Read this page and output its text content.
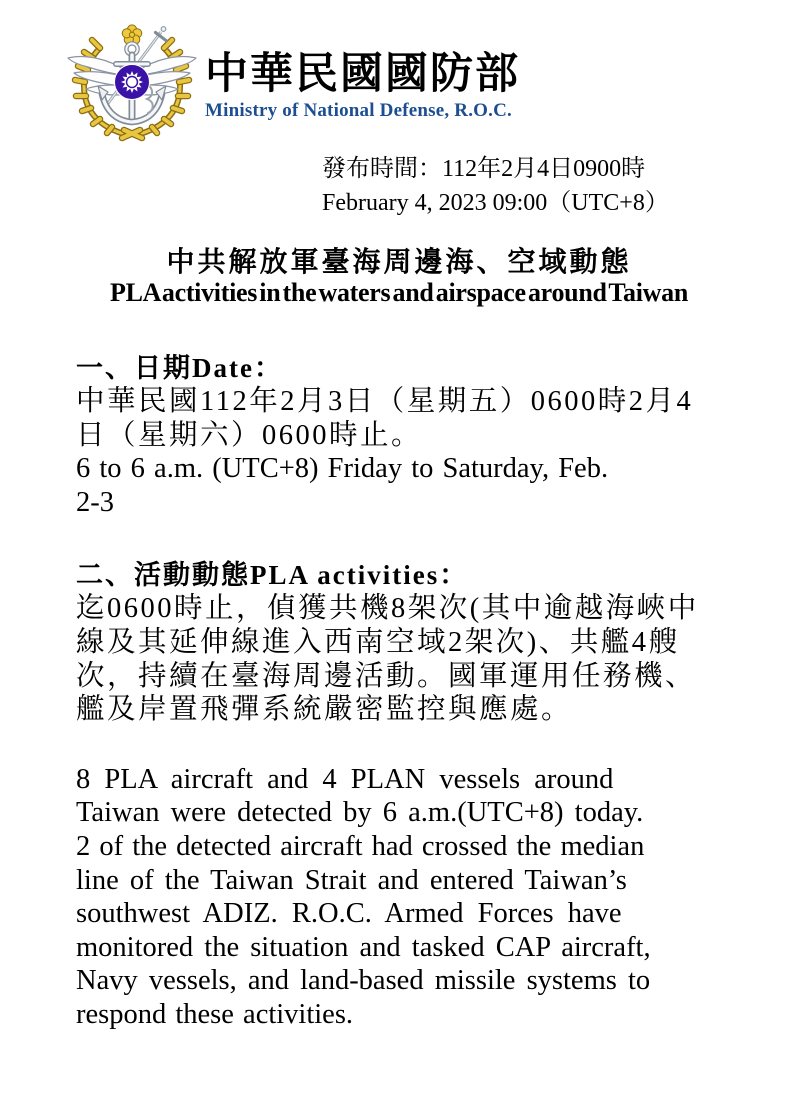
中華民國國防部
Ministry of National Defense, R.O.C.
發布時間：112年2月4日0900時
February 4, 2023 09:00（UTC+8）
中共解放軍臺海周邊海、空域動態
PLA activities in the waters and airspace around Taiwan
一、日期Date：
中華民國112年2月3日（星期五）0600時2月4
日（星期六）0600時止。
6 to 6 a.m. (UTC+8) Friday to Saturday, Feb.
2-3
二、活動動態PLA activities：
迄0600時止，偵獲共機8架次(其中逾越海峽中
線及其延伸線進入西南空域2架次)、共艦4艘
次，持續在臺海周邊活動。國軍運用任務機、
艦及岸置飛彈系統嚴密監控與應處。
8 PLA aircraft and 4 PLAN vessels around
Taiwan were detected by 6 a.m.(UTC+8) today.
2 of the detected aircraft had crossed the median
line of the Taiwan Strait and entered Taiwan’s
southwest ADIZ. R.O.C. Armed Forces have
monitored the situation and tasked CAP aircraft,
Navy vessels, and land-based missile systems to
respond these activities.
